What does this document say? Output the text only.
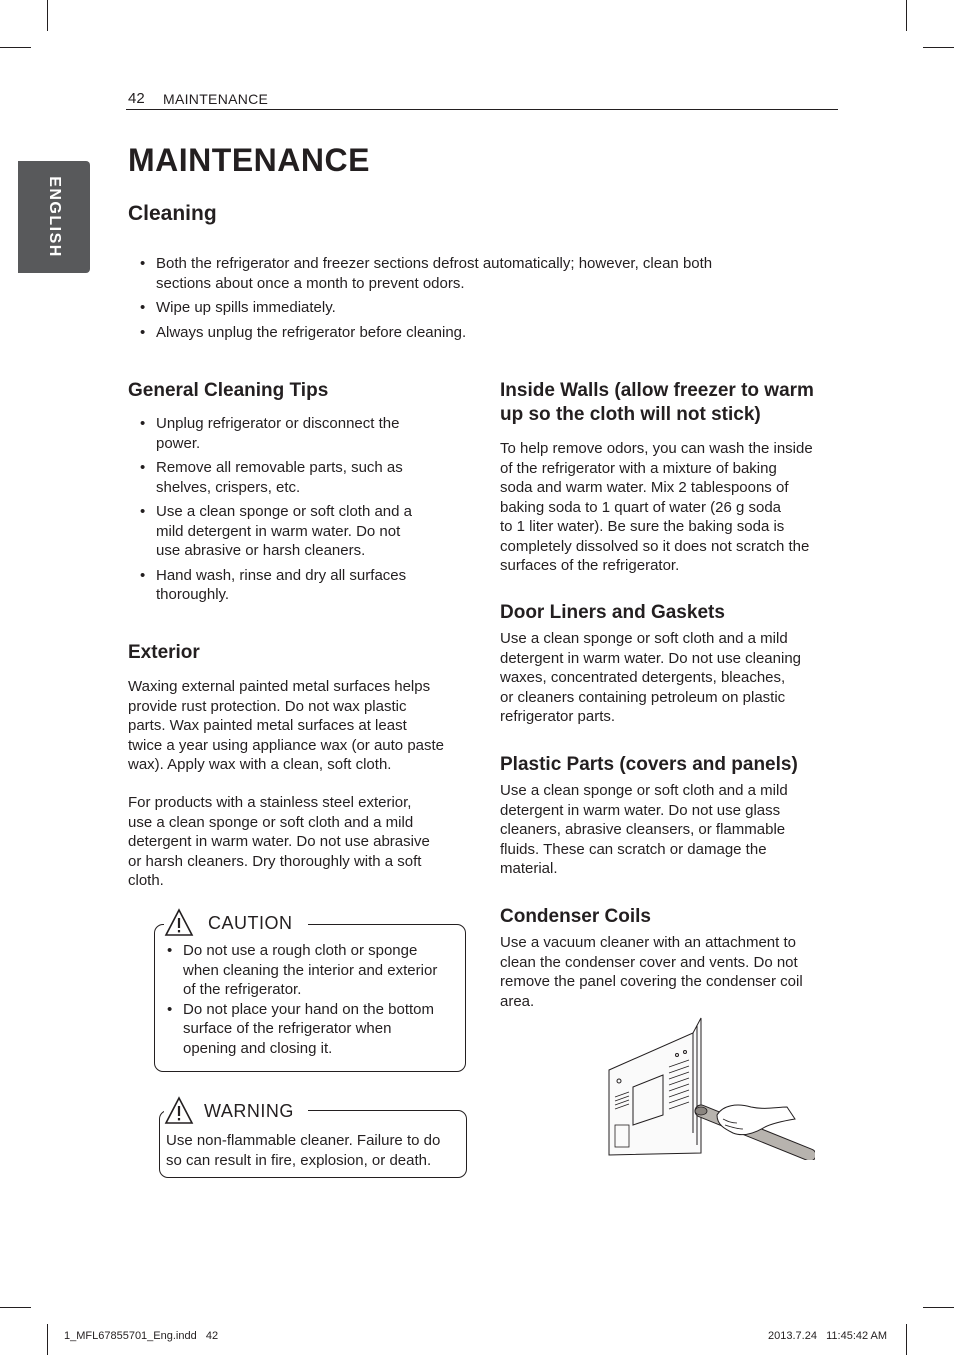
42 MAINTENANCE
ENGLISH
MAINTENANCE
Cleaning
• Both the refrigerator and freezer sections defrost automatically; however, clean both
sections about once a month to prevent odors.
• Wipe up spills immediately.
• Always unplug the refrigerator before cleaning.
General Cleaning Tips
• Unplug refrigerator or disconnect the
power.
• Remove all removable parts, such as
shelves, crispers, etc.
• Use a clean sponge or soft cloth and a
mild detergent in warm water. Do not
use abrasive or harsh cleaners.
• Hand wash, rinse and dry all surfaces
thoroughly.
Exterior

Waxing external painted metal surfaces helps
provide rust protection. Do not wax plastic
parts. Wax painted metal surfaces at least
twice a year using appliance wax (or auto paste
wax). Apply wax with a clean, soft cloth.

For products with a stainless steel exterior,
use a clean sponge or soft cloth and a mild
detergent in warm water. Do not use abrasive
or harsh cleaners. Dry thoroughly with a soft
cloth.

CAUTION
• Do not use a rough cloth or sponge
when cleaning the interior and exterior
of the refrigerator.
• Do not place your hand on the bottom
surface of the refrigerator when
opening and closing it.
WARNING

Use non-flammable cleaner. Failure to do
so can result in fire, explosion, or death.

Inside Walls (allow freezer to warm
up so the cloth will not stick)

To help remove odors, you can wash the inside
of the refrigerator with a mixture of baking
soda and warm water. Mix 2 tablespoons of
baking soda to 1 quart of water (26 g soda
to 1 liter water). Be sure the baking soda is
completely dissolved so it does not scratch the
surfaces of the refrigerator.

Door Liners and Gaskets

Use a clean sponge or soft cloth and a mild
detergent in warm water. Do not use cleaning
waxes, concentrated detergents, bleaches,
or cleaners containing petroleum on plastic
refrigerator parts.

Plastic Parts (covers and panels)

Use a clean sponge or soft cloth and a mild
detergent in warm water. Do not use glass
cleaners, abrasive cleansers, or flammable
fluids. These can scratch or damage the
material.

Condenser Coils

Use a vacuum cleaner with an attachment to
clean the condenser cover and vents. Do not
remove the panel covering the condenser coil
area.

1_MFL67855701_Eng.indd   42	2013.7.24   11:45:42 AM
